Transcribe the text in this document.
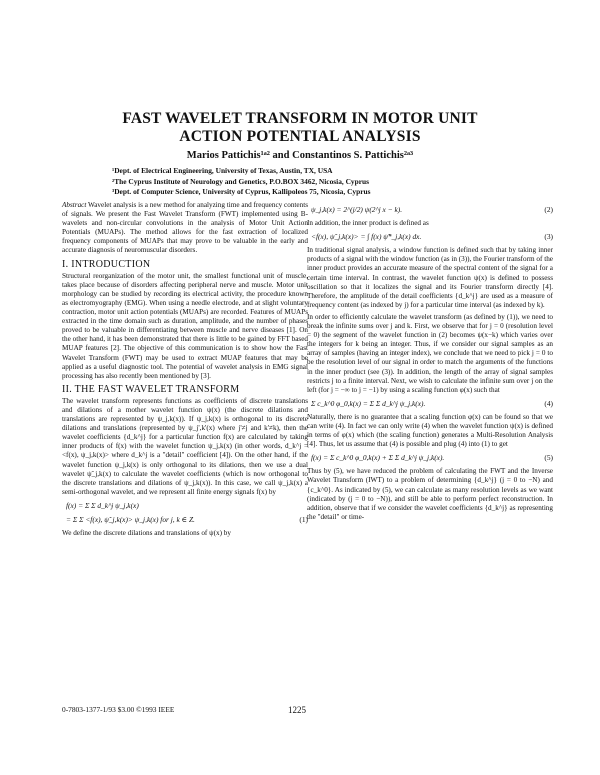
FAST WAVELET TRANSFORM IN MOTOR UNIT
ACTION POTENTIAL ANALYSIS
Marios Pattichis¹ᵃ² and Constantinos S. Pattichis²ᵃ³
¹Dept. of Electrical Engineering, University of Texas, Austin, TX, USA
²The Cyprus Institute of Neurology and Genetics, P.O.BOX 3462, Nicosia, Cyprus
³Dept. of Computer Science, University of Cyprus, Kallipoleos 75, Nicosia, Cyprus

Abstract Wavelet analysis is a new method for analyzing time and frequency contents of signals. We present the Fast Wavelet Transform (FWT) implemented using B-wavelets and non-circular convolutions in the analysis of Motor Unit Action Potentials (MUAPs). The method allows for the fast extraction of localized frequency components of MUAPs that may prove to be valuable in the early and accurate diagnosis of neuromuscular disorders.

I. INTRODUCTION

Structural reorganization of the motor unit, the smallest functional unit of muscle, takes place because of disorders affecting peripheral nerve and muscle. Motor unit morphology can be studied by recording its electrical activity, the procedure known as electromyography (EMG). When using a needle electrode, and at slight voluntary contraction, motor unit action potentials (MUAPs) are recorded. Features of MUAPs extracted in the time domain such as duration, amplitude, and the number of phases proved to be valuable in differentiating between muscle and nerve diseases [1]. On the other hand, it has been demonstrated that there is little to be gained by FFT based MUAP features [2]. The objective of this communication is to show how the Fast Wavelet Transform (FWT) may be used to extract MUAP features that may be applied as a useful diagnostic tool. The potential of wavelet analysis in EMG signal processing has also recently been mentioned by [3].

II. THE FAST WAVELET TRANSFORM

The wavelet transform represents functions as coefficients of discrete translations and dilations of a mother wavelet function ψ(x) (the discrete dilations and translations are represented by ψ_j,k(x)). If ψ_j,k(x) is orthogonal to its discrete dilations and translations (represented by ψ_j',k'(x) where j'≠j and k'≠k), then the wavelet coefficients {d_k^j} for a particular function f(x) are calculated by taking inner products of f(x) with the wavelet function ψ_j,k(x) (in other words, d_k^j = <f(x), ψ_j,k(x)> where d_k^j is a "detail" coefficient [4]). On the other hand, if the wavelet function ψ_j,k(x) is only orthogonal to its dilations, then we use a dual wavelet ψ̃_j,k(x) to calculate the wavelet coefficients (which is now orthogonal to the discrete translations and dilations of ψ_j,k(x)). In this case, we call ψ_j,k(x) a semi-orthogonal wavelet, and we represent all finite energy signals f(x) by

f(x) = Σ Σ d_k^j ψ_j,k(x)
= Σ Σ <f(x), ψ̃_j,k(x)> ψ_j,k(x) for j, k ∈ Z.	(1)

We define the discrete dilations and translations of ψ(x) by

ψ_j,k(x) = 2^(j/2) ψ(2^j x − k).	(2)

In addition, the inner product is defined as

<f(x), ψ̃_j,k(x)> = ∫ f(x) ψ̃*_j,k(x) dx.	(3)

In traditional signal analysis, a window function is defined such that by taking inner products of a signal with the window function (as in (3)), the Fourier transform of the inner product provides an accurate measure of the spectral content of the signal for a certain time interval. In contrast, the wavelet function ψ(x) is defined to possess oscillation so that it localizes the signal and its Fourier transform directly [4]. Therefore, the amplitude of the detail coefficients {d_k^j} are used as a measure of frequency content (as indexed by j) for a particular time interval (as indexed by k).

In order to efficiently calculate the wavelet transform (as defined by (1)), we need to break the infinite sums over j and k. First, we observe that for j = 0 (resolution level = 0) the segment of the wavelet function in (2) becomes ψ(x−k) which varies over the integers for k being an integer. Thus, if we consider our signal samples as an array of samples (having an integer index), we conclude that we need to pick j = 0 to be the resolution level of our signal in order to match the arguments of the functions in the inner product (see (3)). In addition, the length of the array of signal samples restricts j to a finite interval. Next, we wish to calculate the infinite sum over j on the left (for j = −∞ to j = −1) by using a scaling function φ(x) such that

Σ c_k^0 φ_0,k(x) = Σ Σ d_k^j ψ_j,k(x).	(4)

Naturally, there is no guarantee that a scaling function φ(x) can be found so that we can write (4). In fact we can only write (4) when the wavelet function ψ(x) is defined in terms of φ(x) which (the scaling function) generates a Multi-Resolution Analysis [4]. Thus, let us assume that (4) is possible and plug (4) into (1) to get

f(x) = Σ c_k^0 φ_0,k(x) + Σ Σ d_k^j ψ_j,k(x).	(5)

Thus by (5), we have reduced the problem of calculating the FWT and the Inverse Wavelet Transform (IWT) to a problem of determining {d_k^j} (j = 0 to −N) and {c_k^0}. As indicated by (5), we can calculate as many resolution levels as we want (indicated by (j = 0 to −N)), and still be able to perform perfect reconstruction. In addition, observe that if we consider the wavelet coefficients {d_k^j} as representing the "detail" or time-

0-7803-1377-1/93 $3.00 ©1993 IEEE	1225
